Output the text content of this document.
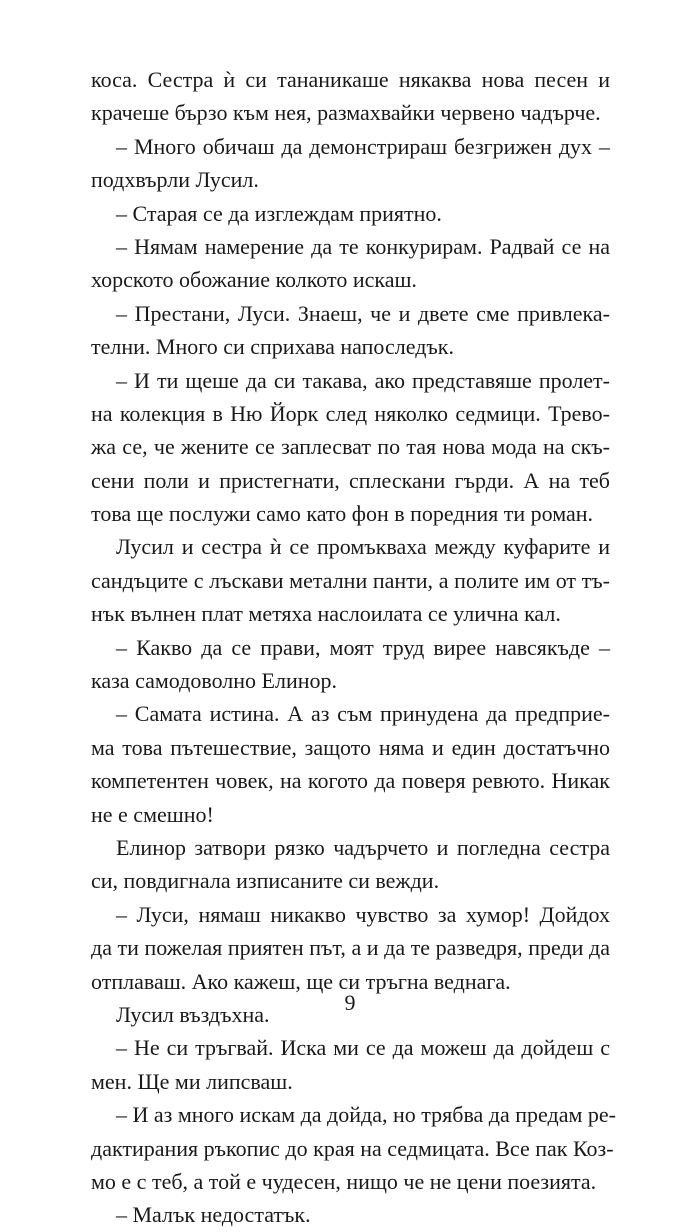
коса. Сестра ѝ си тананикаше някаква нова песен и
крачеше бързо към нея, размахвайки червено чадърче.
– Много обичаш да демонстрираш безгрижен дух –
подхвърли Лусил.
– Старая се да изглеждам приятно.
– Нямам намерение да те конкурирам. Радвай се на
хорското обожание колкото искаш.
– Престани, Луси. Знаеш, че и двете сме привлека-
телни. Много си сприхава напоследък.
– И ти щеше да си такава, ако представяше пролет-
на колекция в Ню Йорк след няколко седмици. Трево-
жа се, че жените се заплесват по тая нова мода на скъ-
сени поли и пристегнати, сплескани гърди. А на теб
това ще послужи само като фон в поредния ти роман.
Лусил и сестра ѝ се промъкваха между куфарите и
сандъците с лъскави метални панти, а полите им от тъ-
нък вълнен плат метяха наслоилата се улична кал.
– Какво да се прави, моят труд виреe навсякъде –
каза самодоволно Елинор.
– Самата истина. А аз съм принудена да предприе-
ма това пътешествие, защото няма и един достатъчно
компетентен човек, на когото да поверя ревюто. Никак
не е смешно!
Елинор затвори рязко чадърчето и погледна сестра
си, повдигнала изписаните си вежди.
– Луси, нямаш никакво чувство за хумор! Дойдох
да ти пожелая приятен път, а и да те разведря, преди да
отплаваш. Ако кажеш, ще си тръгна веднага.
Лусил въздъхна.
– Не си тръгвай. Иска ми се да можеш да дойдеш с
мен. Ще ми липсваш.
– И аз много искам да дойда, но трябва да предам ре-
дактирания ръкопис до края на седмицата. Все пак Коз-
мо е с теб, а той е чудесен, нищо че не цени поезията.
– Малък недостатък.
9
